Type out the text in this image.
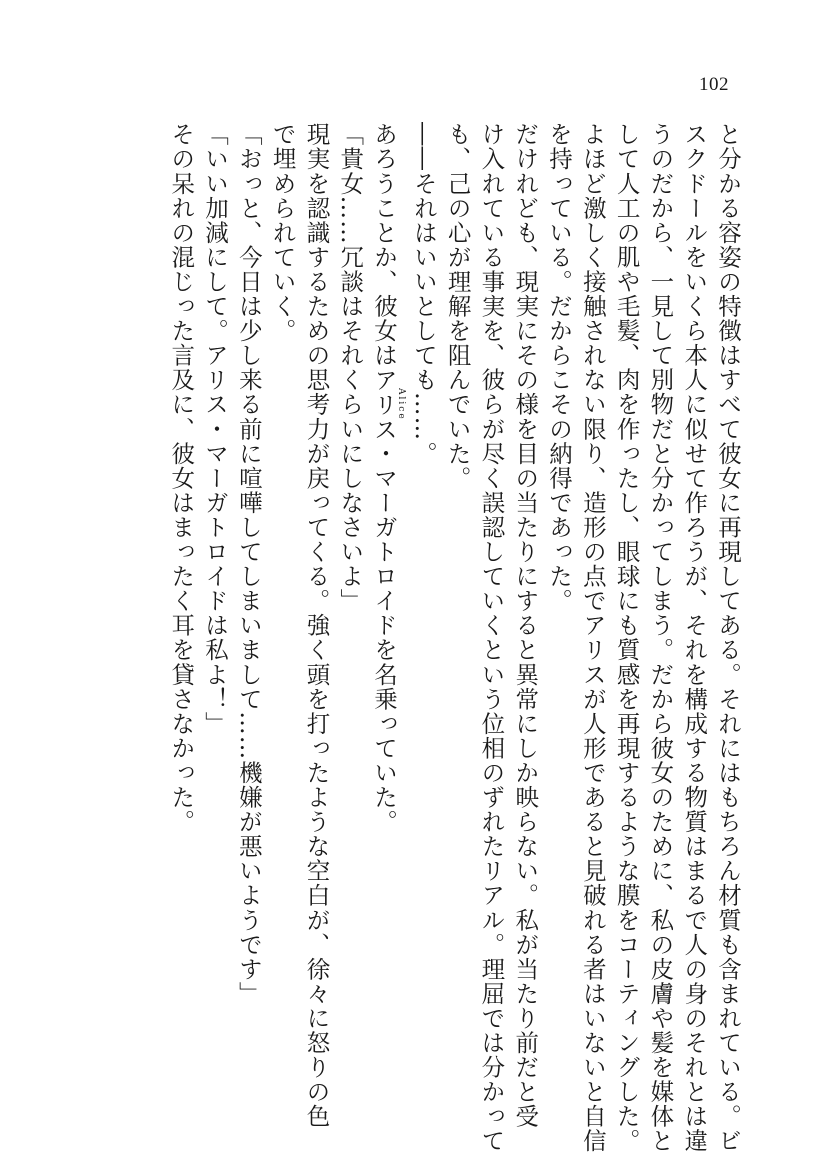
102

と分かる容姿の特徴はすべて彼女に再現してある。それにはもちろん材質も含まれている。ビ

スクドールをいくら本人に似せて作ろうが、それを構成する物質はまるで人の身のそれとは違

うのだから、一見して別物だと分かってしまう。だから彼女のために、私の皮膚や髪を媒体と

して人工の肌や毛髪、肉を作ったし、眼球にも質感を再現するような膜をコーティングした。

よほど激しく接触されない限り、造形の点でアリスが人形であると見破れる者はいないと自信

を持っている。だからこその納得であった。

だけれども、現実にその様を目の当たりにすると異常にしか映らない。私が当たり前だと受

け入れている事実を、彼らが尽く誤認していくという位相のずれたリアル。理屈では分かって

も、己の心が理解を阻んでいた。

――それはいいとしても……。

あろうことか、彼女はアリスAlice・マーガトロイドを名乗っていた。

「貴女……冗談はそれくらいにしなさいよ」

現実を認識するための思考力が戻ってくる。強く頭を打ったような空白が、徐々に怒りの色

で埋められていく。

「おっと、今日は少し来る前に喧嘩してしまいまして……機嫌が悪いようです」

「いい加減にして。アリス・マーガトロイドは私よ！」

その呆れの混じった言及に、彼女はまったく耳を貸さなかった。
